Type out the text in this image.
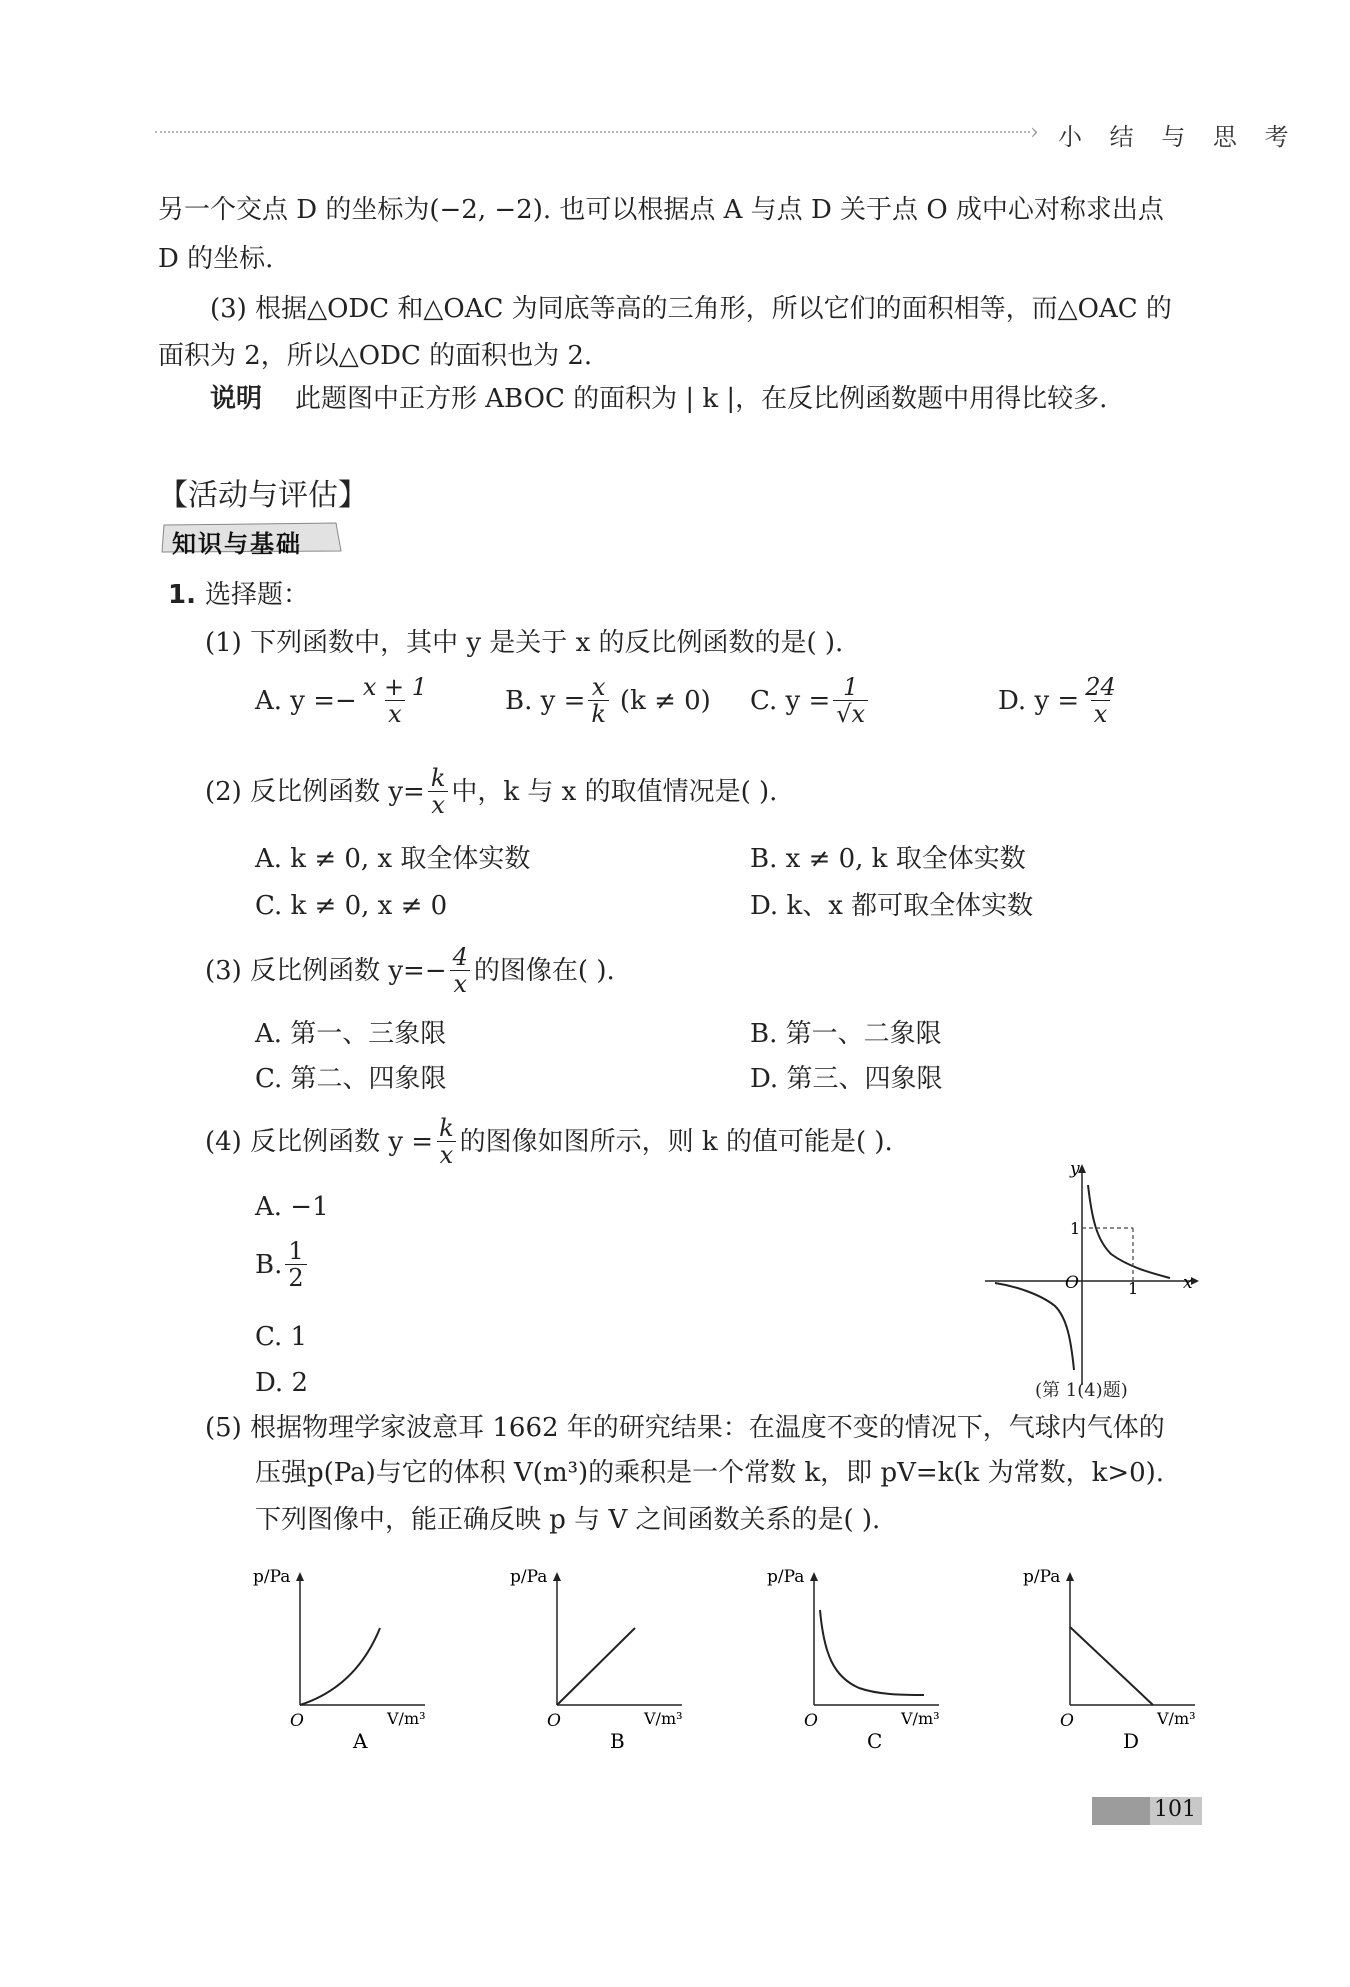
› 小 结 与 思 考
另一个交点 D 的坐标为(−2, −2). 也可以根据点 A 与点 D 关于点 O 成中心对称求出点
D 的坐标.
(3) 根据△ODC 和△OAC 为同底等高的三角形，所以它们的面积相等，而△OAC 的
面积为 2，所以△ODC 的面积也为 2.
说明 此题图中正方形 ABOC 的面积为 | k |，在反比例函数题中用得比较多.
【活动与评估】
知识与基础
1. 选择题：
(1) 下列函数中，其中 y 是关于 x 的反比例函数的是( ).
A. $y =- \frac{x + 1}{x}$	B. $y = \frac{x}{k} (k \ne 0)$ C. $y = \frac{1}{√x}$	D. $y = \frac{24}{x}$
(2) 反比例函数 $y= \frac{k}{x}$ 中，k 与 x 的取值情况是( ).
A. k ≠ 0, x 取全体实数	B. x ≠ 0, k 取全体实数
C. k ≠ 0, x ≠ 0	D. k、x 都可取全体实数
(3) 反比例函数 $y=- \frac{4}{x}$ 的图像在( ).
A. 第一、三象限	B. 第一、二象限
C. 第二、四象限	D. 第三、四象限
(4) 反比例函数 $y = \frac{k}{x}$ 的图像如图所示，则 k 的值可能是( ).
A. −1
B. $\frac{1}{2}$
C. 1
D. 2
y
x
O
1
1
(第 1(4)题)
(5) 根据物理学家波意耳 1662 年的研究结果：在温度不变的情况下，气球内气体的
压强p(Pa)与它的体积 V(m³)的乘积是一个常数 k，即 pV=k(k 为常数，k>0).
下列图像中，能正确反映 p 与 V 之间函数关系的是( ).
p/Pa
V/m³
O
A
p/Pa
V/m³
O
B
p/Pa
V/m³
O
C
p/Pa
V/m³
O
D
101
